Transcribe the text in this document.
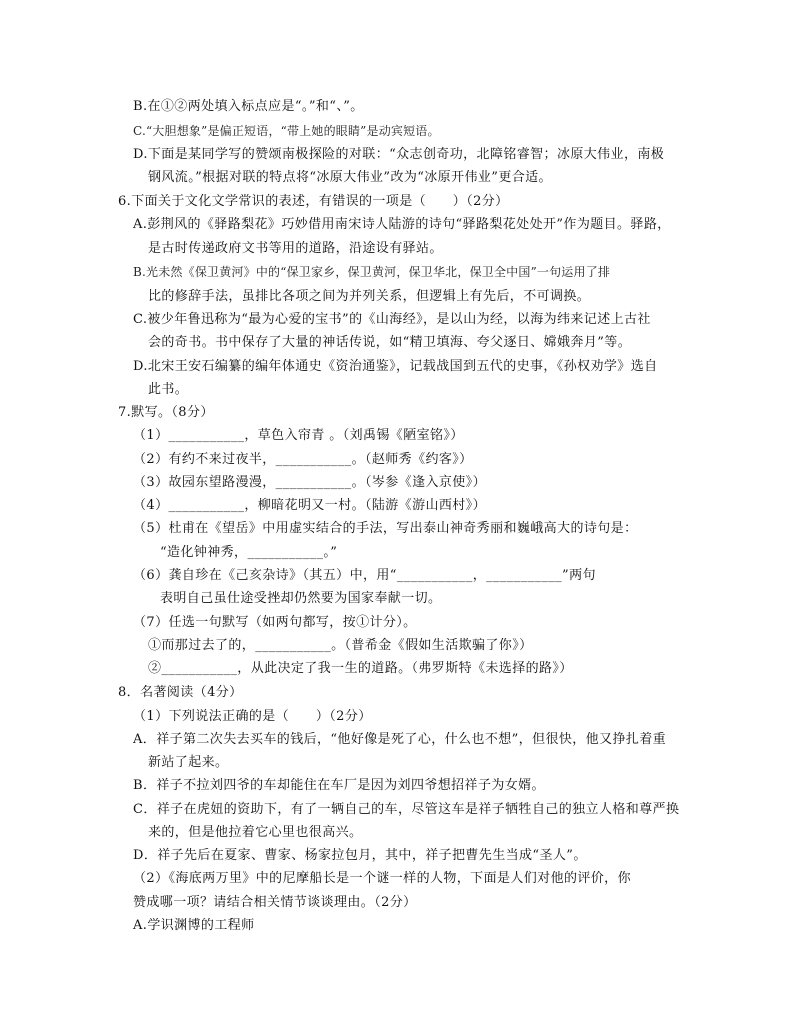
B.在①②两处填入标点应是“。”和“、”。
C.“大胆想象”是偏正短语，“带上她的眼睛”是动宾短语。
D.下面是某同学写的赞颂南极探险的对联：“众志创奇功，北障铭睿智；冰原大伟业，南极
钢风流。”根据对联的特点将“冰原大伟业”改为“冰原开伟业”更合适。
6.下面关于文化文学常识的表述，有错误的一项是（　　）（2分）
A.彭荆风的《驿路梨花》巧妙借用南宋诗人陆游的诗句“驿路梨花处处开”作为题目。驿路，
是古时传递政府文书等用的道路，沿途设有驿站。
B.光未然《保卫黄河》中的“保卫家乡，保卫黄河，保卫华北，保卫全中国”一句运用了排
比的修辞手法，虽排比各项之间为并列关系，但逻辑上有先后，不可调换。
C.被少年鲁迅称为“最为心爱的宝书”的《山海经》，是以山为经，以海为纬来记述上古社
会的奇书。书中保存了大量的神话传说，如“精卫填海、夸父逐日、嫦娥奔月”等。
D.北宋王安石编纂的编年体通史《资治通鉴》，记载战国到五代的史事，《孙权劝学》选自
此书。
7.默写。（8分）
（1）___________，草色入帘青 。（刘禹锡《陋室铭》）
（2）有约不来过夜半，___________。（赵师秀《约客》）
（3）故园东望路漫漫，___________。（岑参《逢入京使》）
（4）___________，柳暗花明又一村。（陆游《游山西村》）
（5）杜甫在《望岳》中用虚实结合的手法，写出泰山神奇秀丽和巍峨高大的诗句是：
“造化钟神秀，___________。”
（6）龚自珍在《己亥杂诗》（其五）中，用“___________，___________”两句
表明自己虽仕途受挫却仍然要为国家奉献一切。
（7）任选一句默写（如两句都写，按①计分）。
①而那过去了的，___________。（普希金《假如生活欺骗了你》）
②___________，从此决定了我一生的道路。（弗罗斯特《未选择的路》）
8．名著阅读（4分）
（1）下列说法正确的是（　　）（2分）
A．祥子第二次失去买车的钱后，“他好像是死了心，什么也不想”，但很快，他又挣扎着重
新站了起来。
B．祥子不拉刘四爷的车却能住在车厂是因为刘四爷想招祥子为女婿。
C．祥子在虎妞的资助下，有了一辆自己的车，尽管这车是祥子牺牲自己的独立人格和尊严换
来的，但是他拉着它心里也很高兴。
D．祥子先后在夏家、曹家、杨家拉包月，其中，祥子把曹先生当成“圣人”。
（2）《海底两万里》中的尼摩船长是一个谜一样的人物，下面是人们对他的评价，你
赞成哪一项？请结合相关情节谈谈理由。（2分）
A.学识渊博的工程师
